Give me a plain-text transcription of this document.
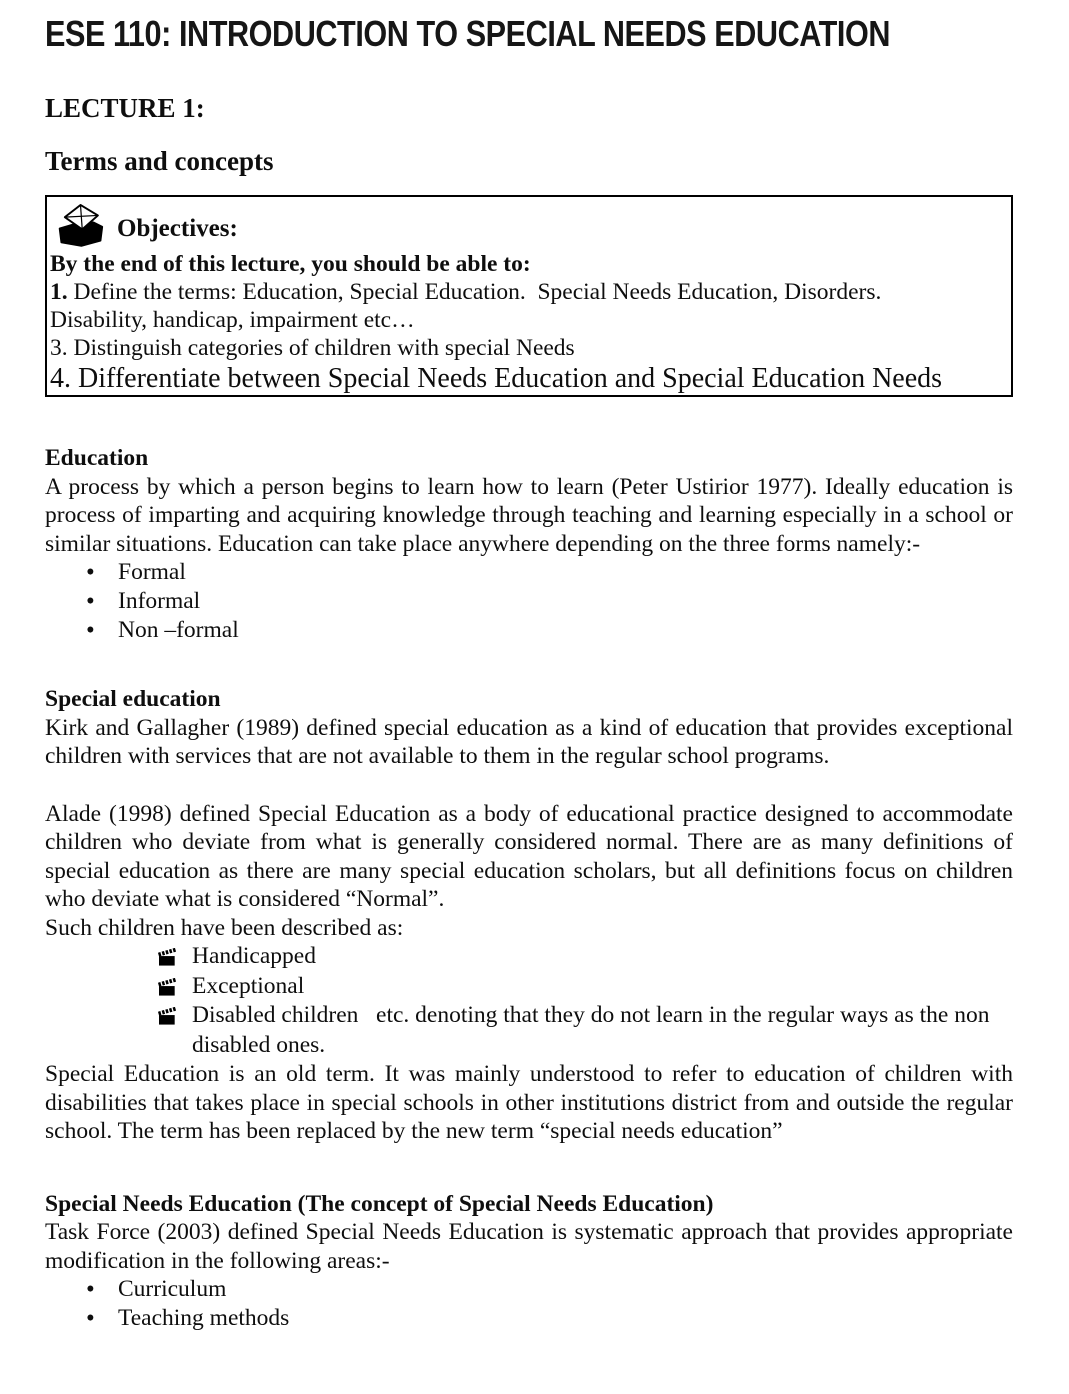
ESE 110: INTRODUCTION TO SPECIAL NEEDS EDUCATION
LECTURE 1:
Terms and concepts
Objectives:
By the end of this lecture, you should be able to:
1. Define the terms: Education, Special Education.  Special Needs Education, Disorders.
Disability, handicap, impairment etc…
3. Distinguish categories of children with special Needs
4. Differentiate between Special Needs Education and Special Education Needs
Education

A process by which a person begins to learn how to learn (Peter Ustirior 1977). Ideally education is process of imparting and acquiring knowledge through teaching and learning especially in a school or similar situations. Education can take place anywhere depending on the three forms namely:-

• Formal
• Informal
• Non –formal
Special education

Kirk and Gallagher (1989) defined special education as a kind of education that provides exceptional children with services that are not available to them in the regular school programs.

Alade (1998) defined Special Education as a body of educational practice designed to accommodate children who deviate from what is generally considered normal. There are as many definitions of special education as there are many special education scholars, but all definitions focus on children who deviate what is considered “Normal”.

Such children have been described as:

Handicapped
Exceptional
Disabled children   etc. denoting that they do not learn in the regular ways as the non disabled ones.

Special Education is an old term. It was mainly understood to refer to education of children with disabilities that takes place in special schools in other institutions district from and outside the regular school. The term has been replaced by the new term “special needs education”

Special Needs Education (The concept of Special Needs Education)

Task Force (2003) defined Special Needs Education is systematic approach that provides appropriate modification in the following areas:-

• Curriculum
• Teaching methods
